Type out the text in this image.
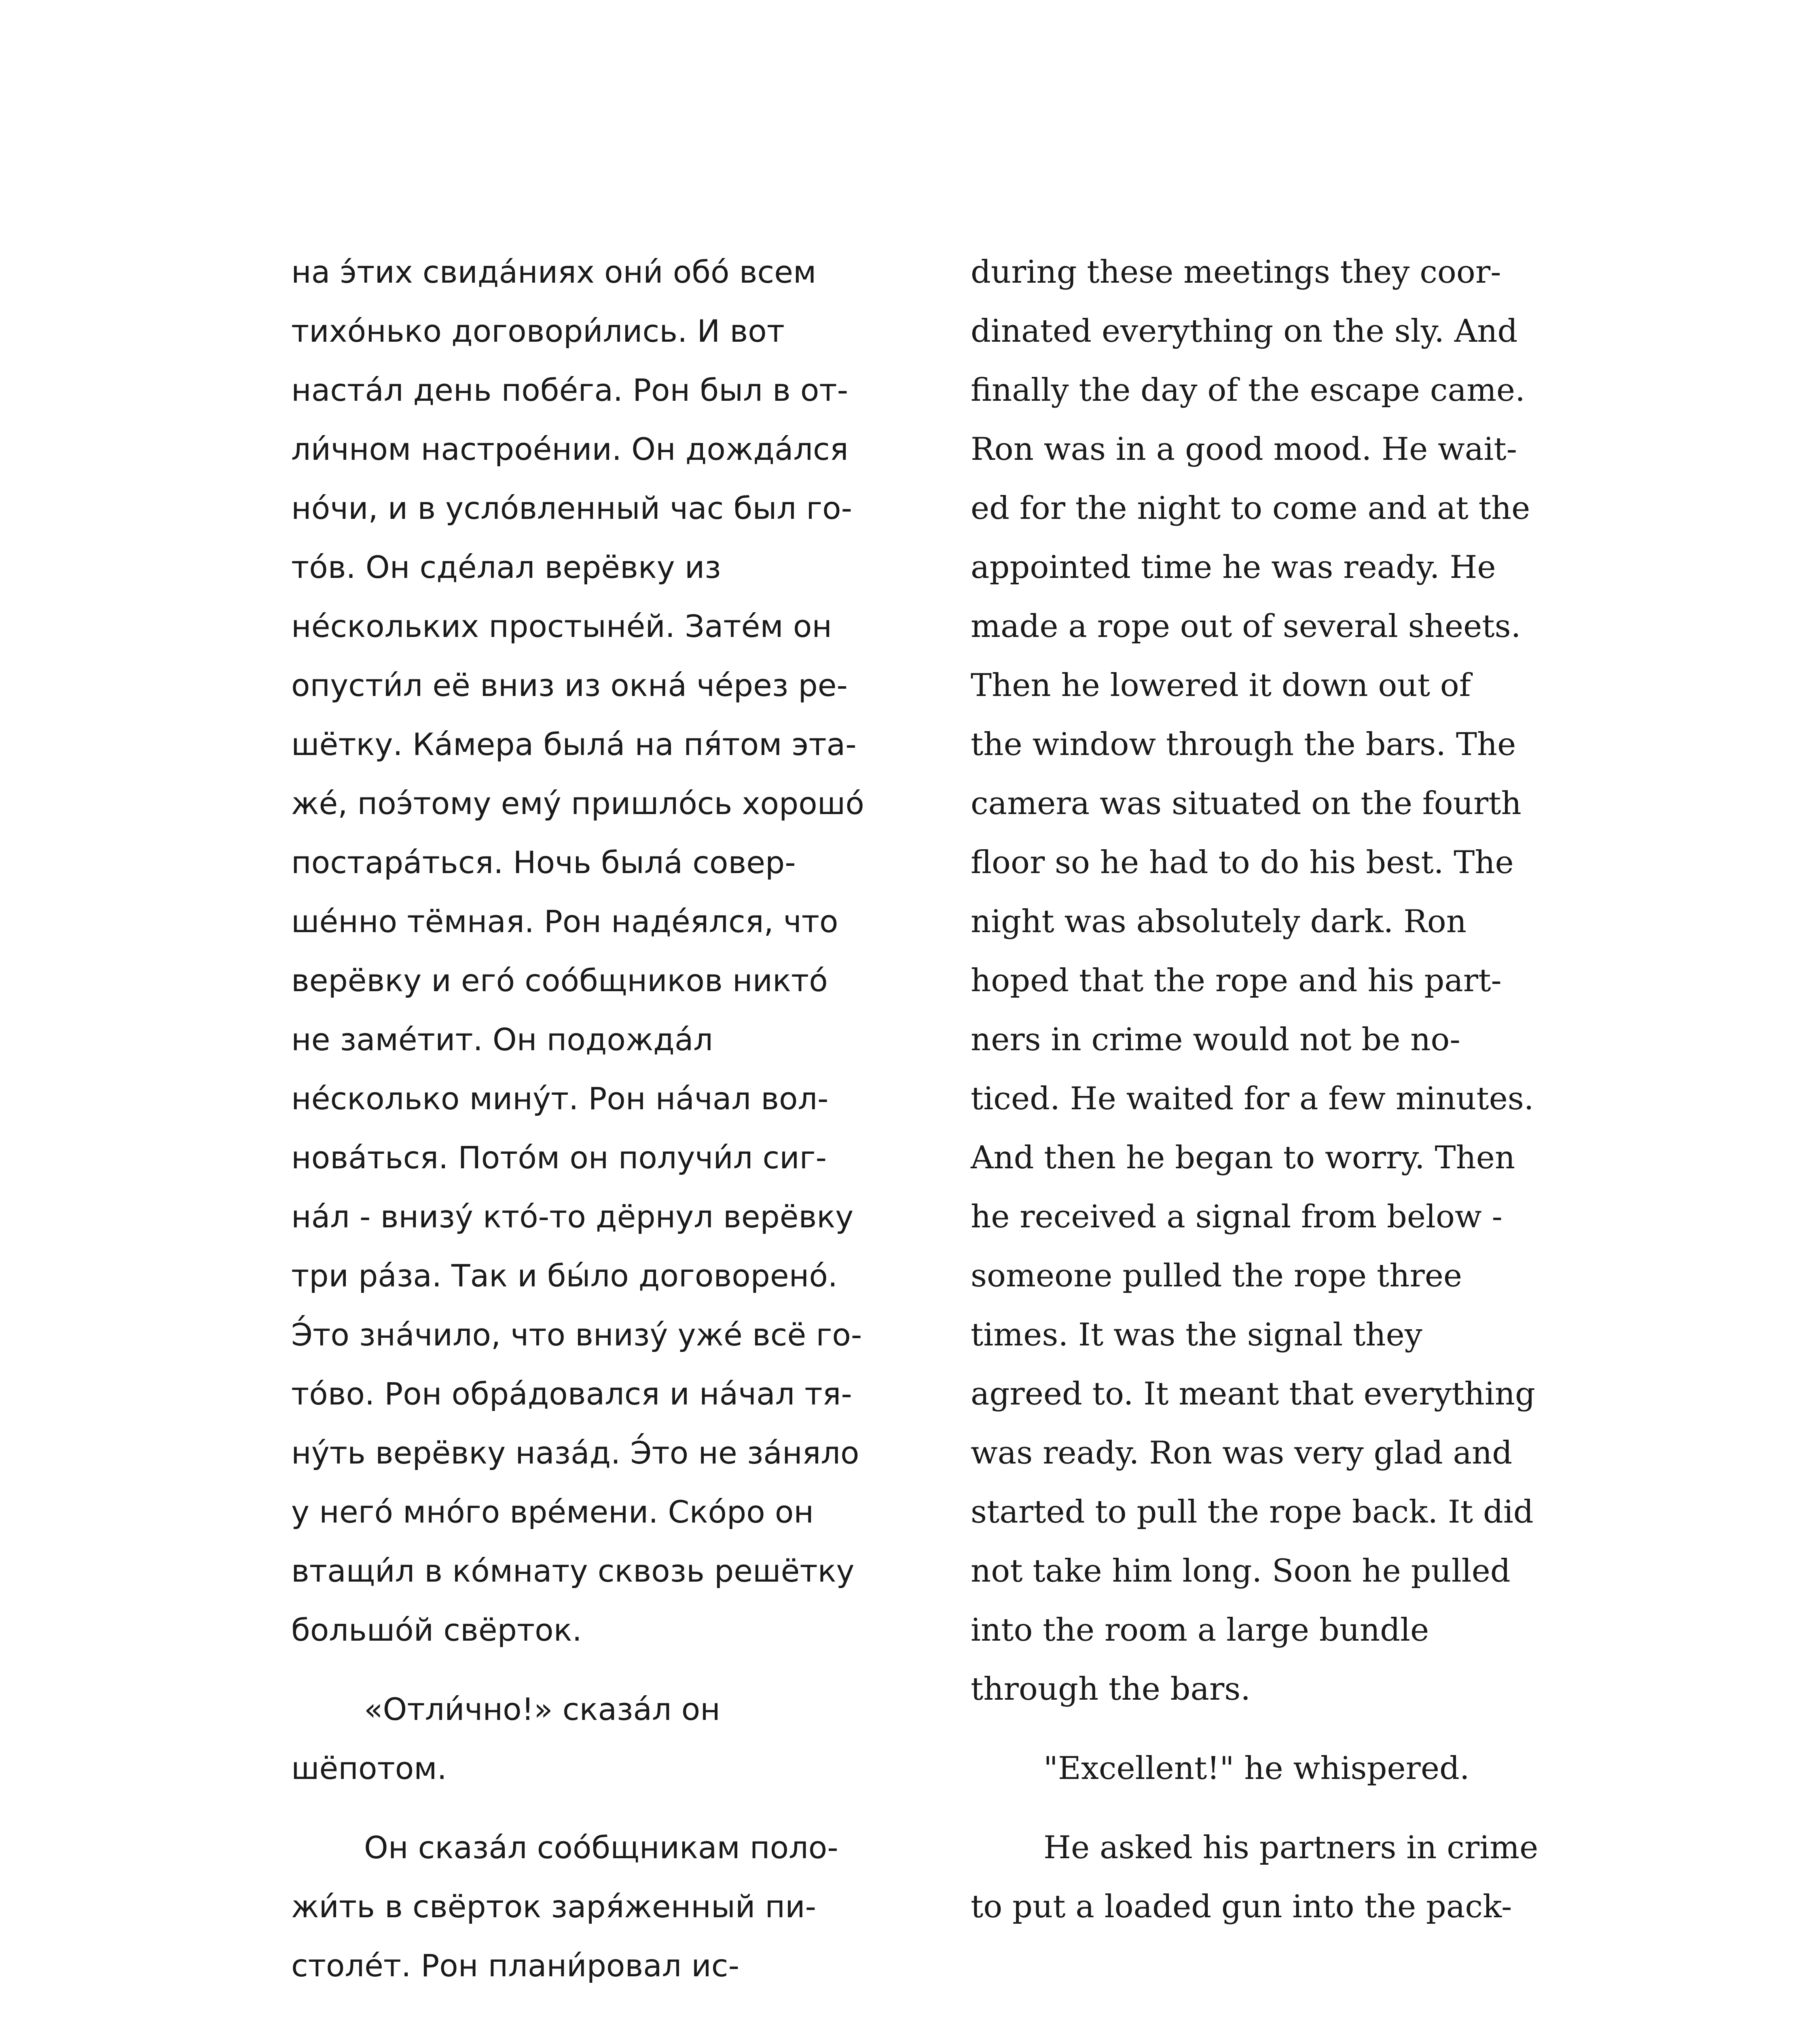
на э́тих свида́ниях они́ обо́ всем
тихо́нько договори́лись. И вот
наста́л день побе́га. Рон был в от-
ли́чном настрое́нии. Он дожда́лся
но́чи, и в усло́вленный час был го-
то́в. Он сде́лал верёвку из
не́скольких простыне́й. Зате́м он
опусти́л её вниз из окна́ че́рез ре-
шётку. Ка́мера была́ на пя́том эта-
же́, поэ́тому ему́ пришло́сь хорошо́
постара́ться. Ночь была́ совер-
ше́нно тёмная. Рон наде́ялся, что
верёвку и его́ соо́бщников никто́
не заме́тит. Он подожда́л
не́сколько мину́т. Рон на́чал вол-
нова́ться. Пото́м он получи́л сиг-
на́л - внизу́ кто́-то дёрнул верёвку
три ра́за. Так и бы́ло договорено́.
Э́то зна́чило, что внизу́ уже́ всё го-
то́во. Рон обра́довался и на́чал тя-
ну́ть верёвку наза́д. Э́то не за́няло
у него́ мно́го вре́мени. Ско́ро он
втащи́л в ко́мнату сквозь решётку
большо́й свёрток.
«Отли́чно!» сказа́л он
шёпотом.
Он сказа́л соо́бщникам поло-
жи́ть в свёрток заря́женный пи-
столе́т. Рон плани́ровал ис-
during these meetings they coor-
dinated everything on the sly. And
finally the day of the escape came.
Ron was in a good mood. He wait-
ed for the night to come and at the
appointed time he was ready. He
made a rope out of several sheets.
Then he lowered it down out of
the window through the bars. The
camera was situated on the fourth
floor so he had to do his best. The
night was absolutely dark. Ron
hoped that the rope and his part-
ners in crime would not be no-
ticed. He waited for a few minutes.
And then he began to worry. Then
he received a signal from below -
someone pulled the rope three
times. It was the signal they
agreed to. It meant that everything
was ready. Ron was very glad and
started to pull the rope back. It did
not take him long. Soon he pulled
into the room a large bundle
through the bars.
"Excellent!" he whispered.
He asked his partners in crime
to put a loaded gun into the pack-
